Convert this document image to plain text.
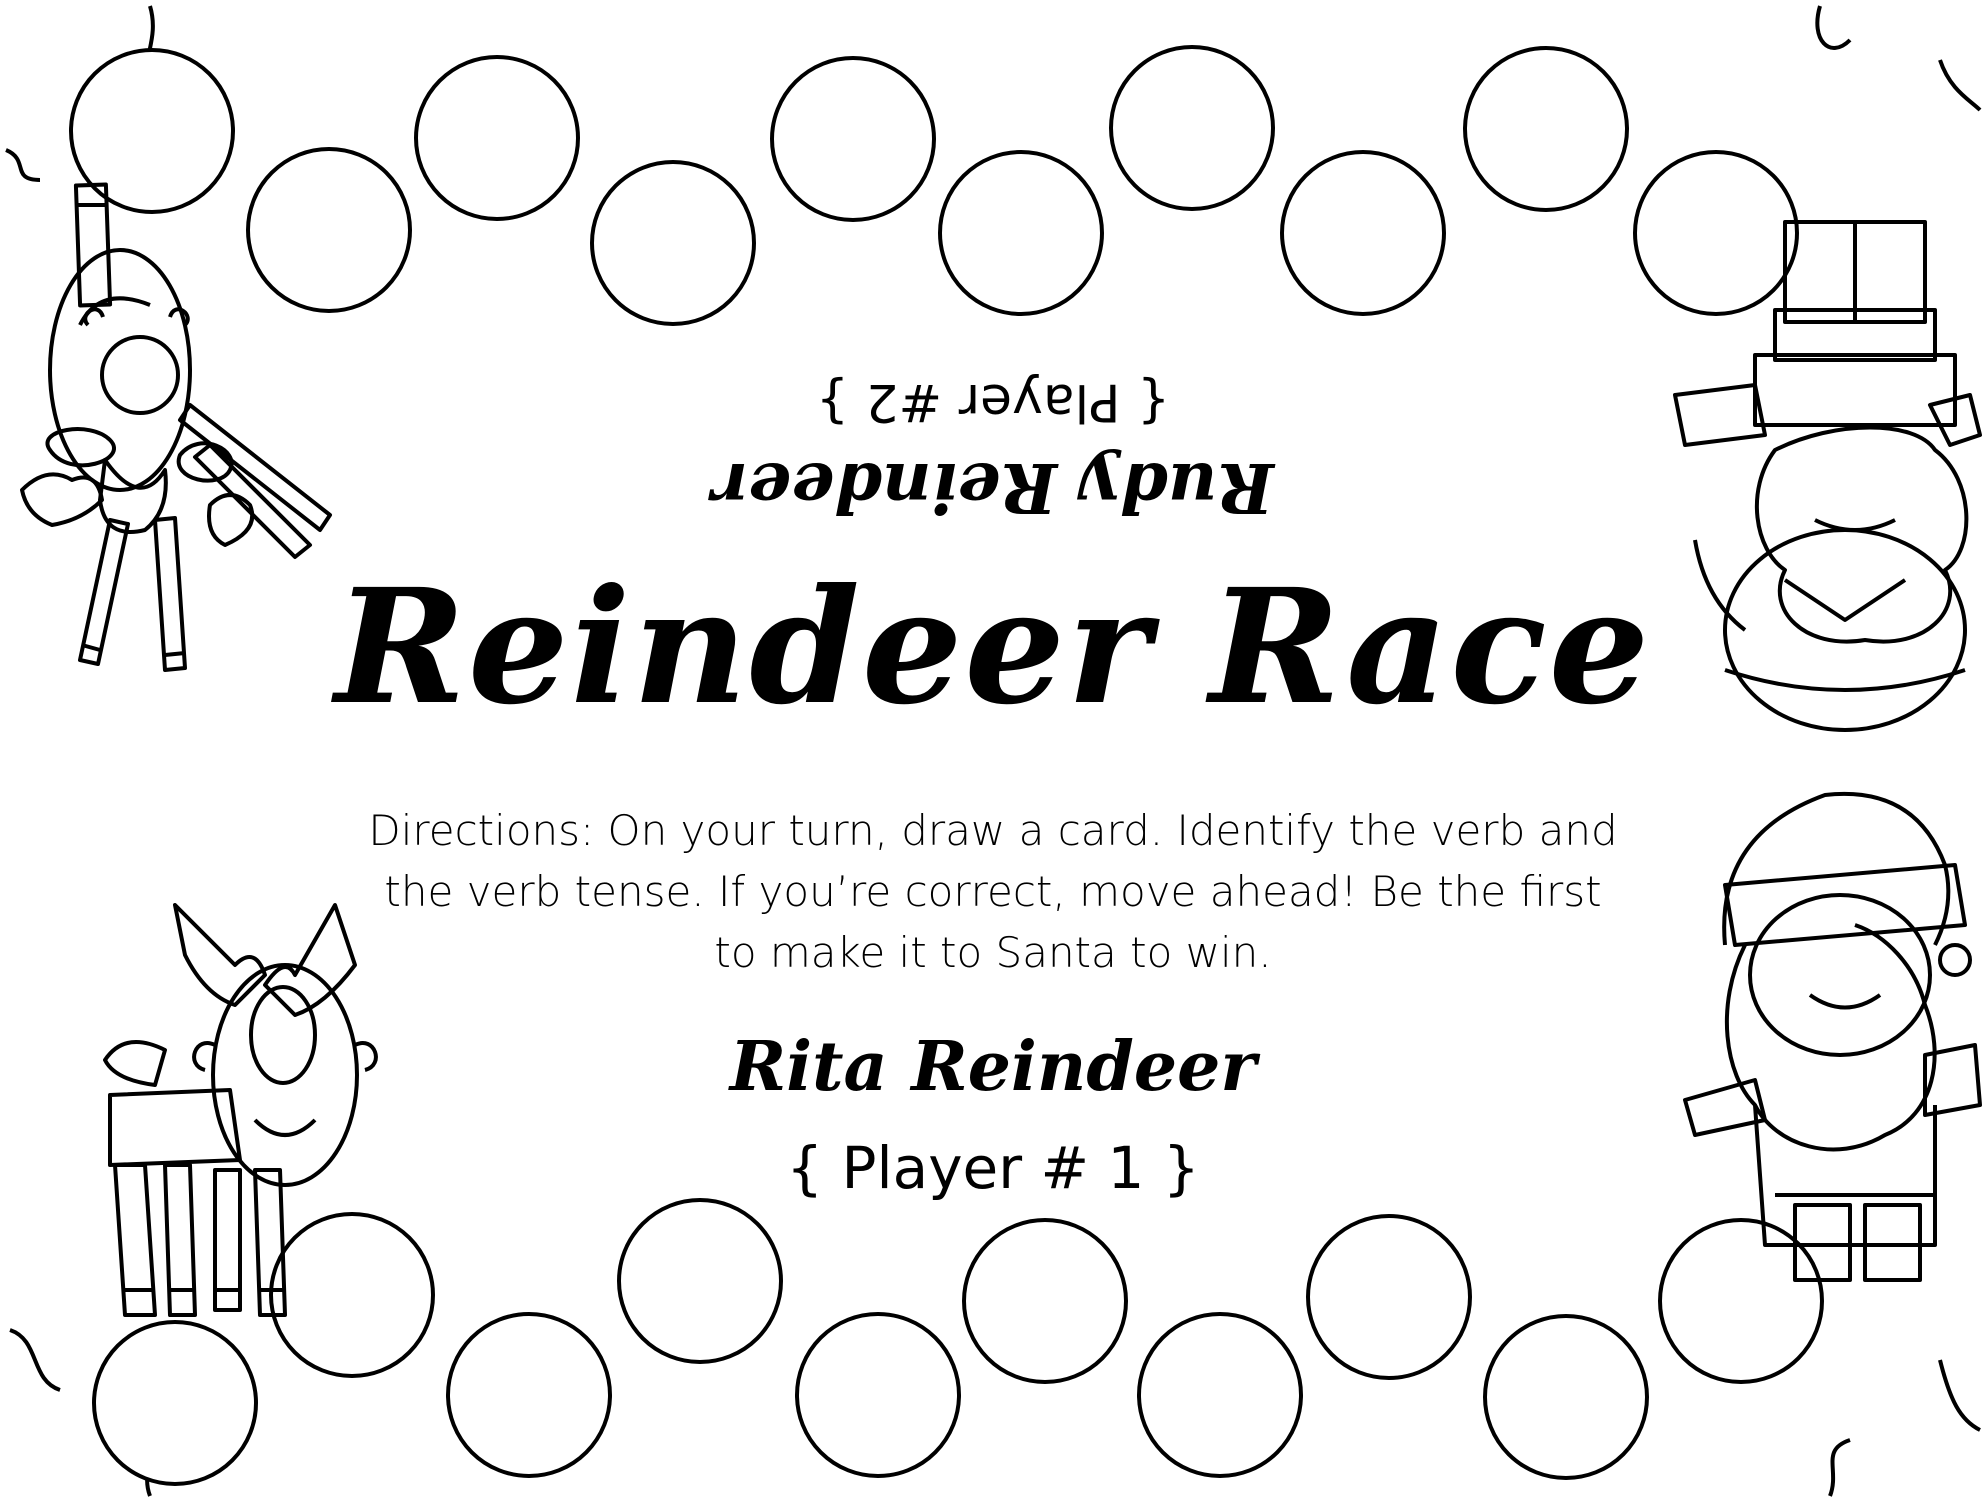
Rudy Reindeer
{ Player #2 }
Reindeer Race
Directions: On your turn, draw a card. Identify the verb and the verb tense. If you’re correct, move ahead! Be the first to make it to Santa to win.
Rita Reindeer
{ Player # 1 }
